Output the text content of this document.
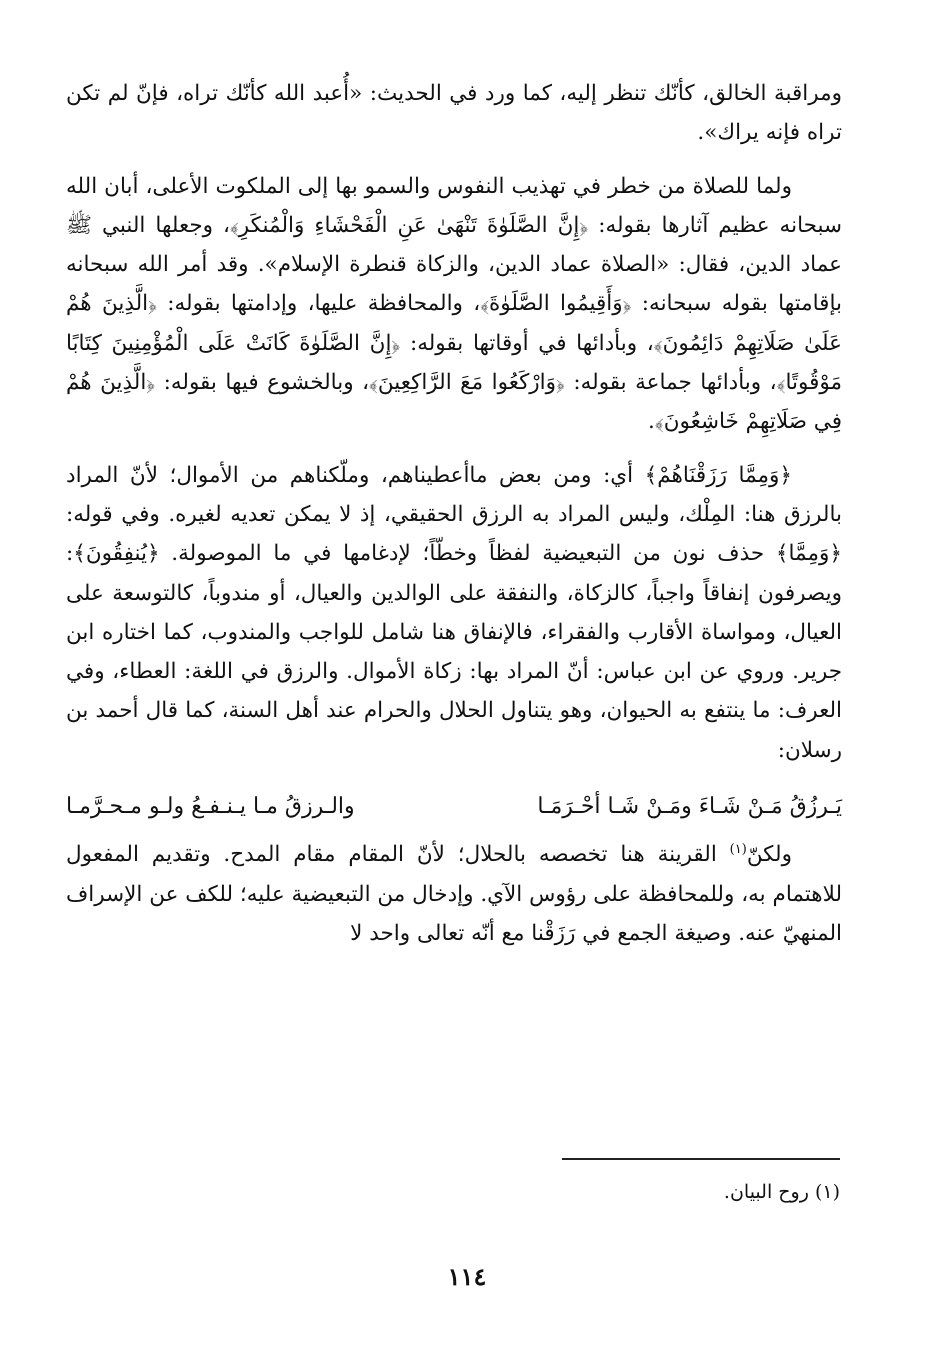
ومراقبة الخالق، كأنّك تنظر إليه، كما ورد في الحديث: «أُعبد الله كأنّك تراه، فإنّ لم تكن تراه فإنه يراك».

ولما للصلاة من خطر في تهذيب النفوس والسمو بها إلى الملكوت الأعلى، أبان الله سبحانه عظيم آثارها بقوله: ﴿إِنَّ الصَّلَوٰةَ تَنْهَىٰ عَنِ الْفَحْشَاءِ وَالْمُنكَرِ﴾، وجعلها النبي ﷺ عماد الدين، فقال: «الصلاة عماد الدين، والزكاة قنطرة الإسلام». وقد أمر الله سبحانه بإقامتها بقوله سبحانه: ﴿وَأَقِيمُوا الصَّلَوٰةَ﴾، والمحافظة عليها، وإدامتها بقوله: ﴿الَّذِينَ هُمْ عَلَىٰ صَلَاتِهِمْ دَائِمُونَ﴾، وبأدائها في أوقاتها بقوله: ﴿إِنَّ الصَّلَوٰةَ كَانَتْ عَلَى الْمُؤْمِنِينَ كِتَابًا مَوْقُوتًا﴾، وبأدائها جماعة بقوله: ﴿وَارْكَعُوا مَعَ الرَّاكِعِينَ﴾، وبالخشوع فيها بقوله: ﴿الَّذِينَ هُمْ فِي صَلَاتِهِمْ خَاشِعُونَ﴾.

﴿وَمِمَّا رَزَقْنَاهُمْ﴾ أي: ومن بعض ماأعطيناهم، وملّكناهم من الأموال؛ لأنّ المراد بالرزق هنا: المِلْك، وليس المراد به الرزق الحقيقي، إذ لا يمكن تعديه لغيره. وفي قوله: ﴿وَمِمَّا﴾ حذف نون من التبعيضية لفظاً وخطّاً؛ لإدغامها في ما الموصولة. ﴿يُنفِقُونَ﴾: ويصرفون إنفاقاً واجباً، كالزكاة، والنفقة على الوالدين والعيال، أو مندوباً، كالتوسعة على العيال، ومواساة الأقارب والفقراء، فالإنفاق هنا شامل للواجب والمندوب، كما اختاره ابن جرير. وروي عن ابن عباس: أنّ المراد بها: زكاة الأموال. والرزق في اللغة: العطاء، وفي العرف: ما ينتفع به الحيوان، وهو يتناول الحلال والحرام عند أهل السنة، كما قال أحمد بن رسلان:

يَـرزُقُ مَـنْ شَـاءَ ومَـنْ شَـا أحْـرَمَـا
والـرزقُ مـا يـنـفـعُ ولـو مـحـرَّمـا

ولكنّ$^{(١)}$ القرينة هنا تخصصه بالحلال؛ لأنّ المقام مقام المدح. وتقديم المفعول للاهتمام به، وللمحافظة على رؤوس الآي. وإدخال من التبعيضية عليه؛ للكف عن الإسراف المنهيّ عنه. وصيغة الجمع في رَزَقْنا مع أنّه تعالى واحد لا

(١) روح البيان.
١١٤
